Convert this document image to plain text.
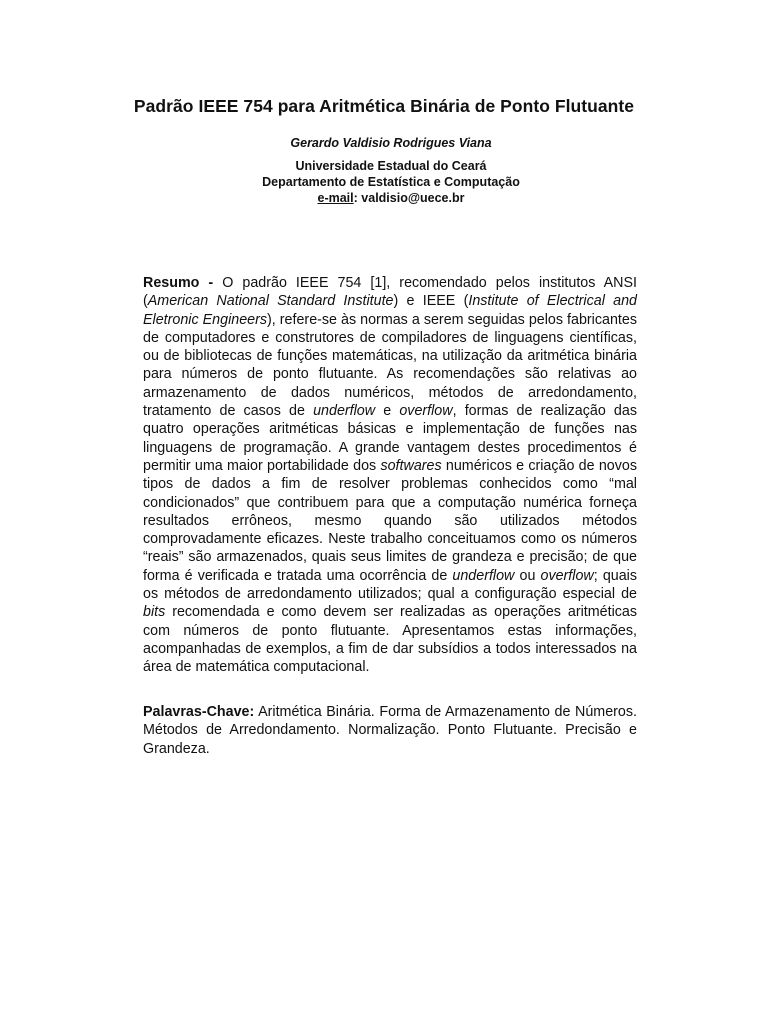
Padrão IEEE 754 para Aritmética Binária de Ponto Flutuante
Gerardo Valdisio Rodrigues Viana
Universidade Estadual do Ceará
Departamento de Estatística e Computação
e-mail: valdisio@uece.br
Resumo - O padrão IEEE 754 [1], recomendado pelos institutos ANSI (American National Standard Institute) e IEEE (Institute of Electrical and Eletronic Engineers), refere-se às normas a serem seguidas pelos fabricantes de computadores e construtores de compiladores de linguagens científicas, ou de bibliotecas de funções matemáticas, na utilização da aritmética binária para números de ponto flutuante. As recomendações são relativas ao armazenamento de dados numéricos, métodos de arredondamento, tratamento de casos de underflow e overflow, formas de realização das quatro operações aritméticas básicas e implementação de funções nas linguagens de programação. A grande vantagem destes procedimentos é permitir uma maior portabilidade dos softwares numéricos e criação de novos tipos de dados a fim de resolver problemas conhecidos como “mal condicionados” que contribuem para que a computação numérica forneça resultados errôneos, mesmo quando são utilizados métodos comprovadamente eficazes. Neste trabalho conceituamos como os números “reais” são armazenados, quais seus limites de grandeza e precisão; de que forma é verificada e tratada uma ocorrência de underflow ou overflow; quais os métodos de arredondamento utilizados; qual a configuração especial de bits recomendada e como devem ser realizadas as operações aritméticas com números de ponto flutuante. Apresentamos estas informações, acompanhadas de exemplos, a fim de dar subsídios a todos interessados na área de matemática computacional.
Palavras-Chave: Aritmética Binária. Forma de Armazenamento de Números. Métodos de Arredondamento. Normalização. Ponto Flutuante. Precisão e Grandeza.
